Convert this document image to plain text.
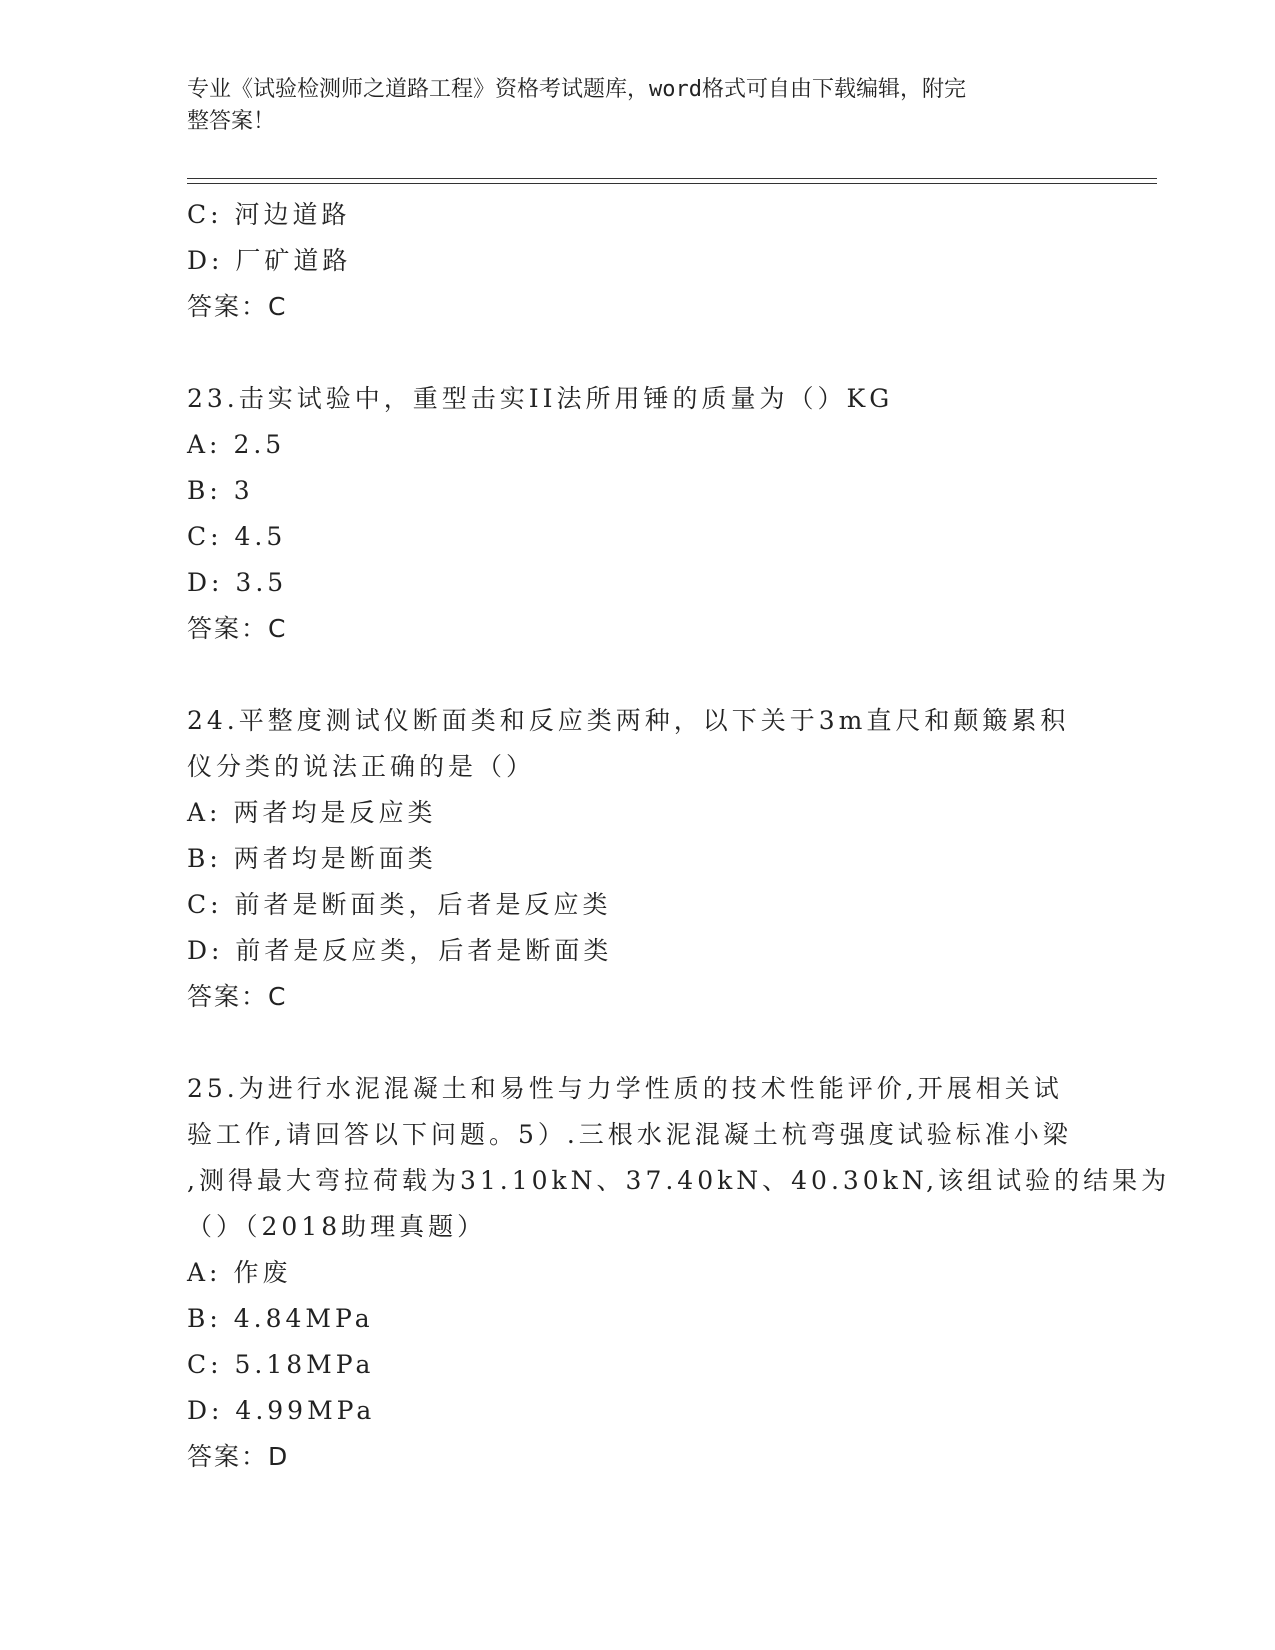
专业《试验检测师之道路工程》资格考试题库，word格式可自由下载编辑，附完
整答案！
C: 河边道路
D: 厂矿道路
答案：C
23.击实试验中，重型击实II法所用锤的质量为（）KG
A: 2.5
B: 3
C: 4.5
D: 3.5
答案：C
24.平整度测试仪断面类和反应类两种，以下关于3m直尺和颠簸累积
仪分类的说法正确的是（）
A: 两者均是反应类
B: 两者均是断面类
C: 前者是断面类，后者是反应类
D: 前者是反应类，后者是断面类
答案：C
25.为进行水泥混凝土和易性与力学性质的技术性能评价,开展相关试
验工作,请回答以下问题。5）.三根水泥混凝土杭弯强度试验标准小梁
,测得最大弯拉荷载为31.10kN、37.40kN、40.30kN,该组试验的结果为
（）（2018助理真题）
A: 作废
B: 4.84MPa
C: 5.18MPa
D: 4.99MPa
答案：D
